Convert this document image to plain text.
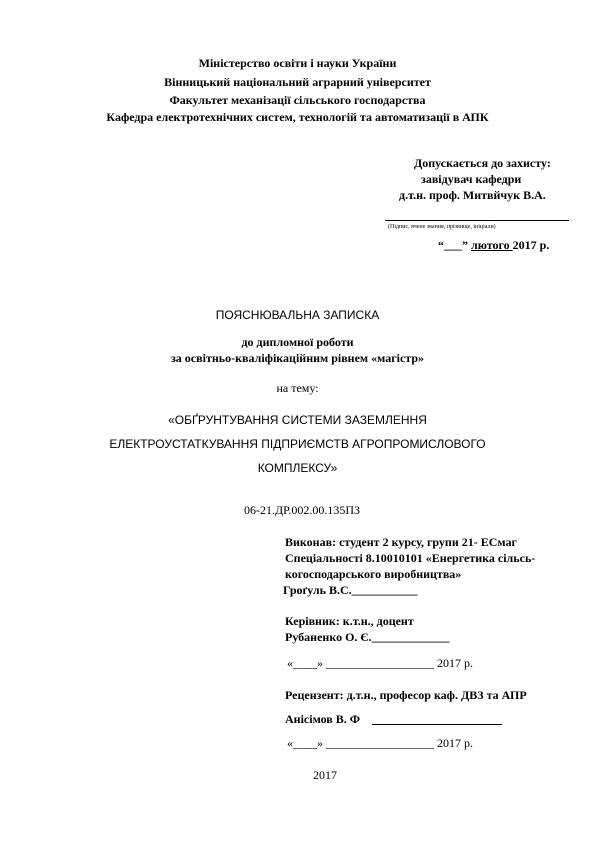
Міністерство освіти і науки України
Вінницький національний аграрний університет
Факультет механізації сільського господарства
Кафедра електротехнічних систем, технологій та автоматизації в АПК
Допускається до захисту:
завідувач кафедри
д.т.н. проф. Митвйчук В.А.
(Підпис, вчене звання, прізвище, ініціали)
“___” лютого 2017 р.
ПОЯСНЮВАЛЬНА ЗАПИСКА
до дипломної роботи
за освітньо-кваліфікаційним рівнем «магістр»
на тему:
«ОБҐРУНТУВАННЯ СИСТЕМИ ЗАЗЕМЛЕННЯ
ЕЛЕКТРОУСТАТКУВАННЯ ПІДПРИЄМСТВ АГРОПРОМИСЛОВОГО
КОМПЛЕКСУ»
06-21.ДР.002.00.135ПЗ
Виконав: студент 2 курсу, групи 21- ЕСмаг
Спеціальності 8.10010101 «Енергетика сільсь-
когосподарського виробництва»
Гроґуль В.С.___________
Керівник: к.т.н., доцент
Рубаненко О. Є._____________
«____» __________________ 2017 р.
Рецензент: д.т.н., професор каф. ДВЗ та АПР
Анісімов В. Ф
«____» __________________ 2017 р.
2017
